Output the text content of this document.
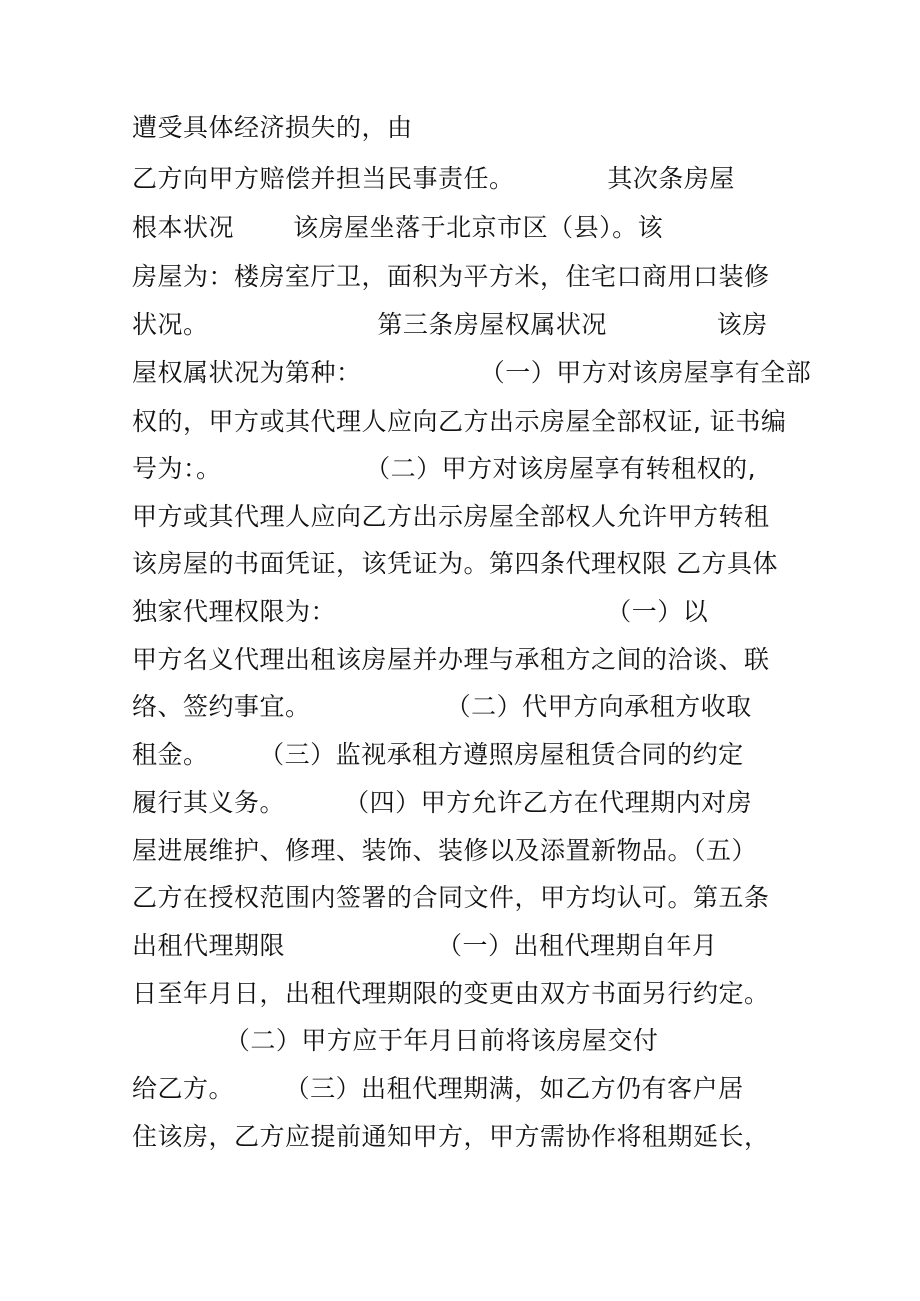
遭受具体经济损失的，由
乙方向甲方赔偿并担当民事责任。           其次条房屋
根本状况       该房屋坐落于北京市区（县）。该
房屋为：楼房室厅卫，面积为平方米，住宅口商用口装修
状况。                    第三条房屋权属状况             该房
屋权属状况为第种：              （一）甲方对该房屋享有全部
权的，甲方或其代理人应向乙方出示房屋全部权证, 证书编
号为：。                 （二）甲方对该房屋享有转租权的,
甲方或其代理人应向乙方出示房屋全部权人允许甲方转租
该房屋的书面凭证，该凭证为。第四条代理权限 乙方具体
独家代理权限为：                                （一）以
甲方名义代理出租该房屋并办理与承租方之间的洽谈、联
络、签约事宜。                （二）代甲方向承租方收取
租金。      （三）监视承租方遵照房屋租赁合同的约定
履行其义务。       （四）甲方允许乙方在代理期内对房
屋进展维护、修理、装饰、装修以及添置新物品。（五）
乙方在授权范围内签署的合同文件，甲方均认可。第五条
出租代理期限                  （一）出租代理期自年月
日至年月日，出租代理期限的变更由双方书面另行约定。
（二）甲方应于年月日前将该房屋交付
给乙方。      （三）出租代理期满，如乙方仍有客户居
住该房，乙方应提前通知甲方，甲方需协作将租期延长，
